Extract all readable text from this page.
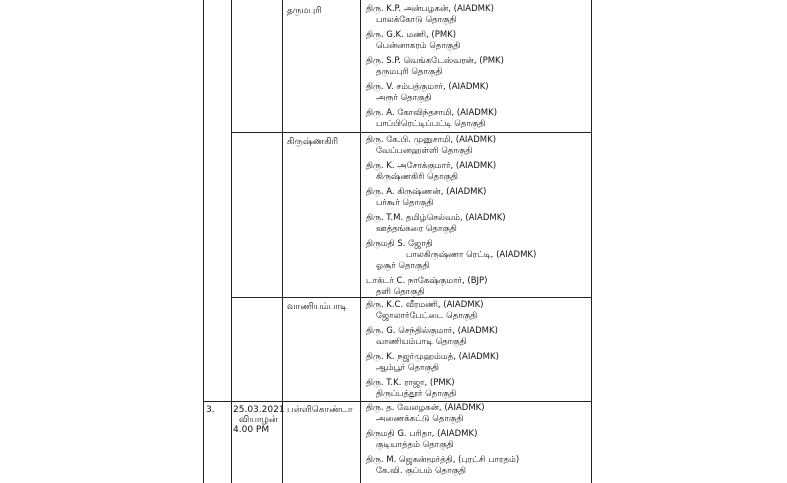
தருமபுரி	திரு. K.P. அன்பழகன், (AIADMK)
பாலக்கோடு தொகுதி
திரு. G.K. மணி, (PMK)
பென்னாகரம் தொகுதி
திரு. S.P. வெங்கடேஸ்வரன், (PMK)
தருமபுரி தொகுதி
திரு. V. சம்பத்குமார், (AIADMK)
அரூர் தொகுதி
திரு. A. கோவிந்தசாமி, (AIADMK)
பாப்பிரெட்டிப்பட்டி தொகுதி
கிருஷ்ணகிரி	திரு. கே.பி. முனுசாமி, (AIADMK)
வேப்பனஹள்ளி தொகுதி
திரு. K. அசோக்குமார், (AIADMK)
கிருஷ்ணகிரி தொகுதி
திரு. A. கிருஷ்ணன், (AIADMK)
பர்கூர் தொகுதி
திரு. T.M. தமிழ்செல்வம், (AIADMK)
ஊத்தங்கரை தொகுதி
திருமதி S. ஜோதி
பாலகிருஷ்ணா ரெட்டி, (AIADMK)
ஓசூர் தொகுதி
டாக்டர் C. நாகேஷ்குமார், (BJP)
தளி தொகுதி
வாணியம்பாடி திரு. K.C. வீரமணி, (AIADMK)
ஜோலார்பேட்டை தொகுதி
திரு. G. செந்தில்குமார், (AIADMK)
வாணியம்பாடி தொகுதி
திரு. K. நஜர்முஹம்மத், (AIADMK)
ஆம்பூர் தொகுதி
திரு. T.K. ராஜா, (PMK)
திருப்பத்தூர் தொகுதி
3. 25.03.2021
வியாழன்
4.00 PM
பள்ளிகொண்டா திரு. த. வேலழகன், (AIADMK)
அணைக்கட்டு தொகுதி
திருமதி G. பரிதா, (AIADMK)
குடியாத்தம் தொகுதி
திரு. M. ஜெகன்மூர்த்தி, (புரட்சி பாரதம்)
கே.வி. குப்பம் தொகுதி
